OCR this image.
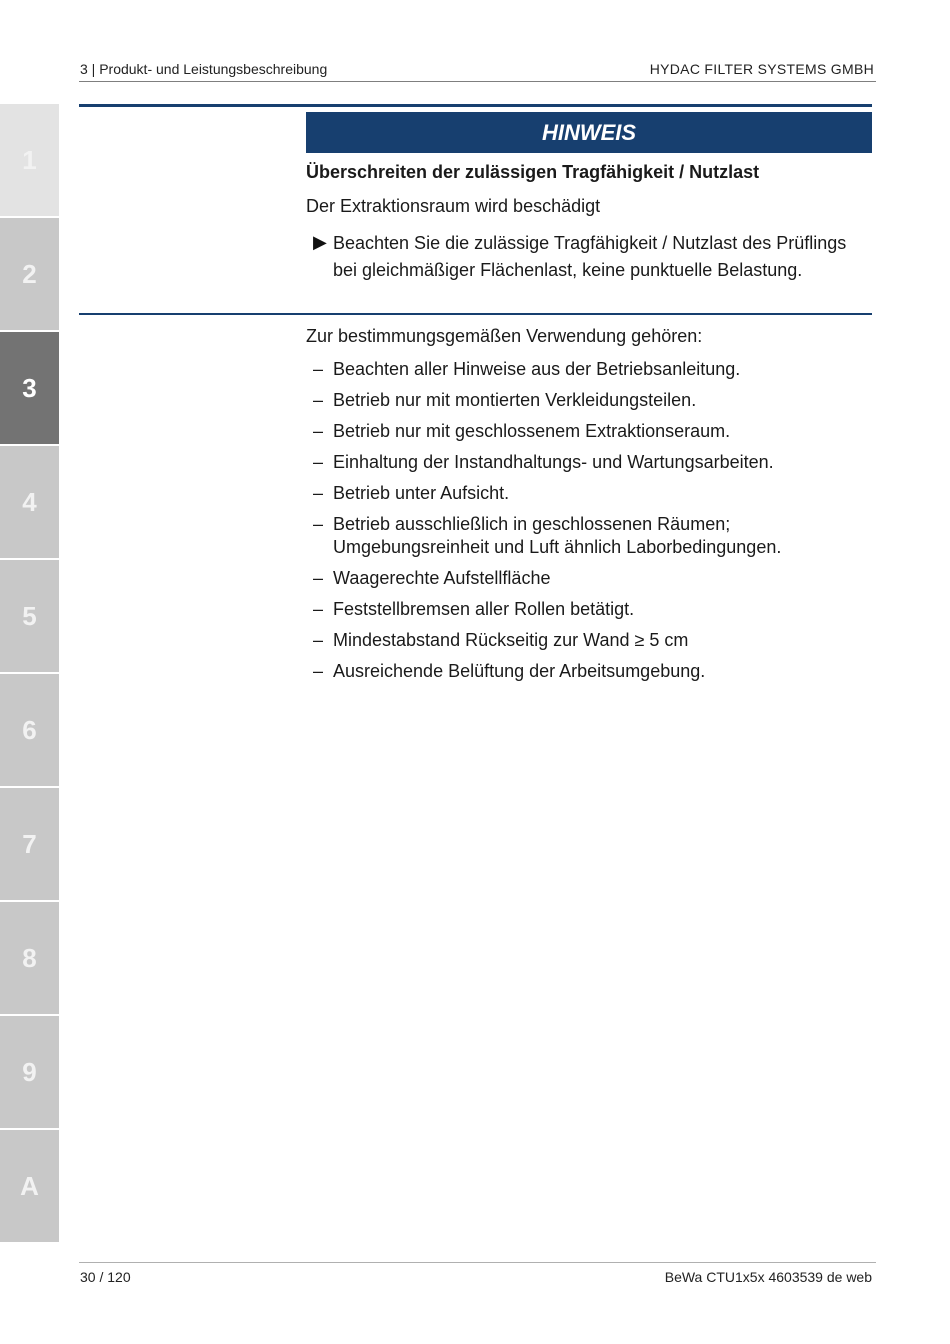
1
2
3
4
5
6
7
8
9
A
3 | Produkt- und Leistungsbeschreibung	HYDAC FILTER SYSTEMS GMBH
HINWEIS
Überschreiten der zulässigen Tragfähigkeit / Nutzlast
Der Extraktionsraum wird beschädigt
▶ Beachten Sie die zulässige Tragfähigkeit / Nutzlast des Prüflings bei gleichmäßiger Flächenlast, keine punktuelle Belastung.
Zur bestimmungsgemäßen Verwendung gehören:
– Beachten aller Hinweise aus der Betriebsanleitung.
– Betrieb nur mit montierten Verkleidungsteilen.
– Betrieb nur mit geschlossenem Extraktionseraum.
– Einhaltung der Instandhaltungs- und Wartungsarbeiten.
– Betrieb unter Aufsicht.
– Betrieb ausschließlich in geschlossenen Räumen; Umgebungsreinheit und Luft ähnlich Laborbedingungen.
– Waagerechte Aufstellfläche
– Feststellbremsen aller Rollen betätigt.
– Mindestabstand Rückseitig zur Wand ≥ 5 cm
– Ausreichende Belüftung der Arbeitsumgebung.
30 / 120	BeWa CTU1x5x 4603539 de web
